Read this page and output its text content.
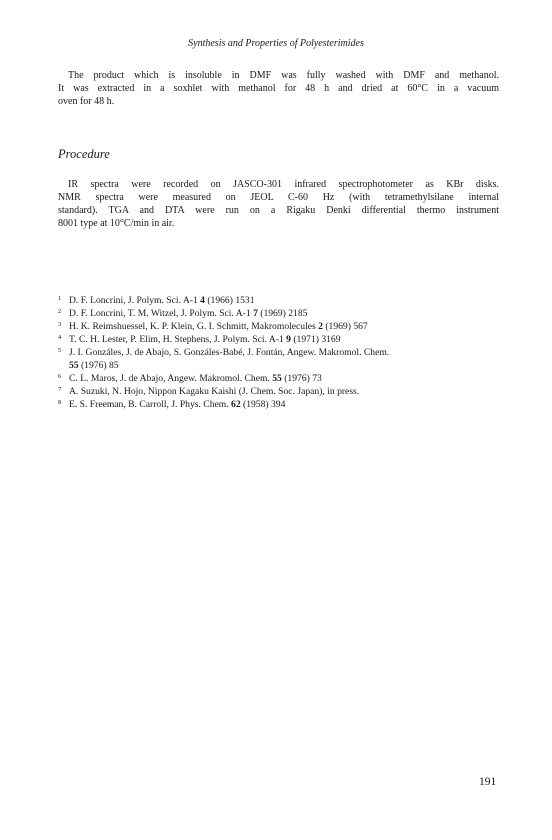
Synthesis and Properties of Polyesterimides

The product which is insoluble in DMF was fully washed with DMF and methanol.
It was extracted in a soxhlet with methanol for 48 h and dried at 60°C in a vacuum
oven for 48 h.

Procedure

IR spectra were recorded on JASCO-301 infrared spectrophotometer as KBr disks.
NMR spectra were measured on JEOL C-60 Hz (with tetramethylsilane internal
standard). TGA and DTA were run on a Rigaku Denki differential thermo instrument
8001 type at 10°C/min in air.

1 D. F. Loncrini, J. Polym. Sci. A-1 4 (1966) 1531
2 D. F. Loncrini, T. M. Witzel, J. Polym. Sci. A-1 7 (1969) 2185
3 H. K. Reimshuessel, K. P. Klein, G. I. Schmitt, Makromolecules 2 (1969) 567
4 T. C. H. Lester, P. Elim, H. Stephens, J. Polym. Sci. A-1 9 (1971) 3169
5 J. I. Gonzáles, J. de Abajo, S. Gonzáles-Babé, J. Fontán, Angew. Makromol. Chem.
55 (1976) 85
6 C. L. Maros, J. de Abajo, Angew. Makromol. Chem. 55 (1976) 73
7 A. Suzuki, N. Hojo, Nippon Kagaku Kaishi (J. Chem. Soc. Japan), in press.
8 E. S. Freeman, B. Carroll, J. Phys. Chem. 62 (1958) 394
191
